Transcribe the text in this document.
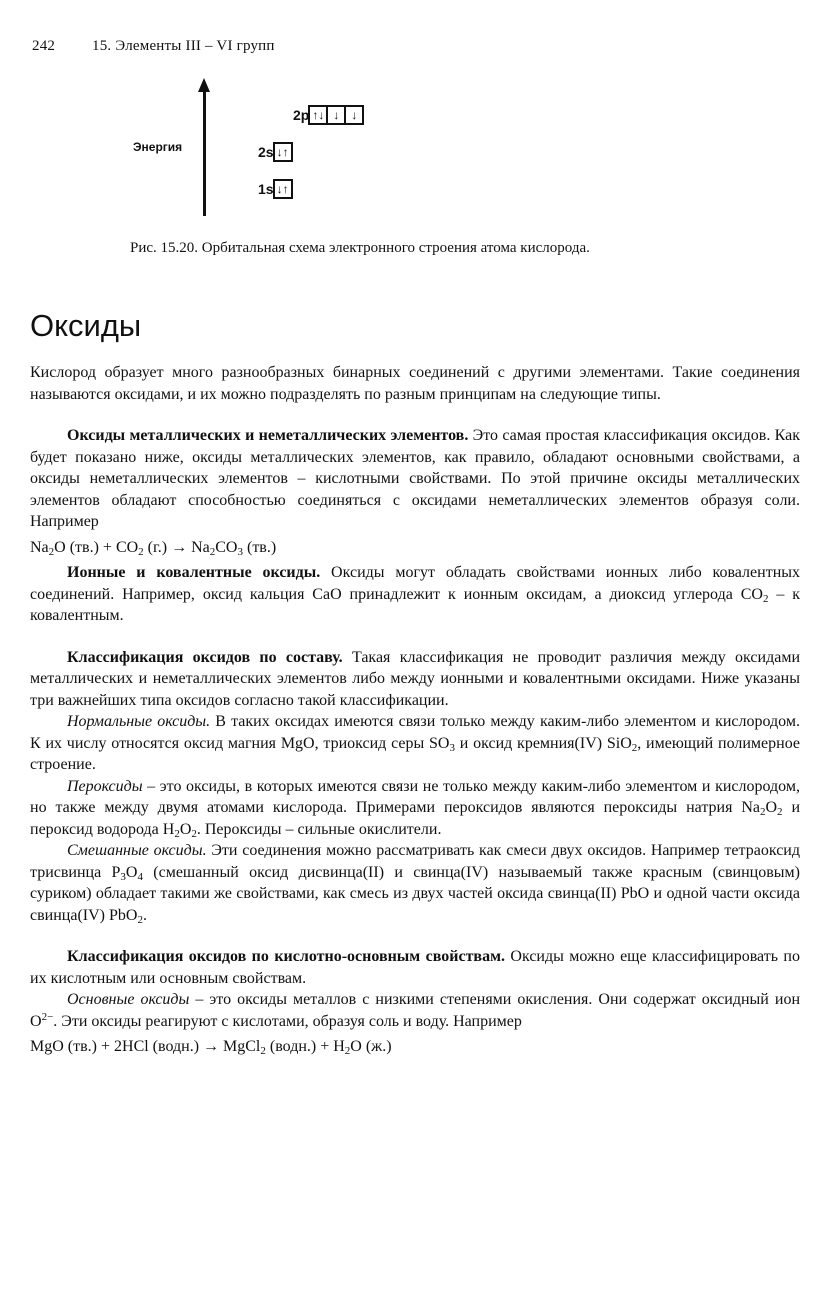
242 15. Элементы III – VI групп
Энергия
2p ↑↓ ↓	↓
2s ↓↑
1s ↓↑
Рис. 15.20. Орбитальная схема электронного строения атома кислорода.
Оксиды

Кислород образует много разнообразных бинарных соединений с другими элементами. Такие соединения называются оксидами, и их можно подразделять по разным принципам на следующие типы.

Оксиды металлических и неметаллических элементов. Это самая простая классификация оксидов. Как будет показано ниже, оксиды металлических элементов, как правило, обладают основными свойствами, а оксиды неметаллических элементов – кислотными свойствами. По этой причине оксиды металлических элементов обладают способностью соединяться с оксидами неметаллических элементов образуя соли. Например

$Na_2O$ $(тв.) + CO_2$ $(г.) \to Na_2CO_3$ (тв.)

Ионные и ковалентные оксиды. Оксиды могут обладать свойствами ионных либо ковалентных соединений. Например, оксид кальция CaO принадлежит к ионным оксидам, а диоксид углерода $CO_2$ – к ковалентным.

Классификация оксидов по составу. Такая классификация не проводит различия между оксидами металлических и неметаллических элементов либо между ионными и ковалентными оксидами. Ниже указаны три важнейших типа оксидов согласно такой классификации.

Нормальные оксиды. В таких оксидах имеются связи только между каким-либо элементом и кислородом. К их числу относятся оксид магния MgO, триоксид серы $SO_3$ и оксид кремния(IV) SiO$_2$, имеющий полимерное строение.

Пероксиды – это оксиды, в которых имеются связи не только между каким-либо элементом и кислородом, но также между двумя атомами кислорода. Примерами пероксидов являются пероксиды натрия $Na_2O_2$ и пероксид водорода $H_2O_2$. Пероксиды – сильные окислители.

Смешанные оксиды. Эти соединения можно рассматривать как смеси двух оксидов. Например тетраоксид трисвинца $P_3O_4$ (смешанный оксид дисвинца(II) и свинца(IV) называемый также красным (свинцовым) суриком) обладает такими же свойствами, как смесь из двух частей оксида свинца(II) PbO и одной части оксида свинца(IV) PbO$_2$.

Классификация оксидов по кислотно-основным свойствам. Оксиды можно еще классифицировать по их кислотным или основным свойствам.

Основные оксиды – это оксиды металлов с низкими степенями окисления. Они содержат оксидный ион $O^{2-}$. Эти оксиды реагируют с кислотами, образуя соль и воду. Например

MgO (тв.) + 2HCl (водн.) → MgCl$_2$ (водн.) + $H_2O$ (ж.)
